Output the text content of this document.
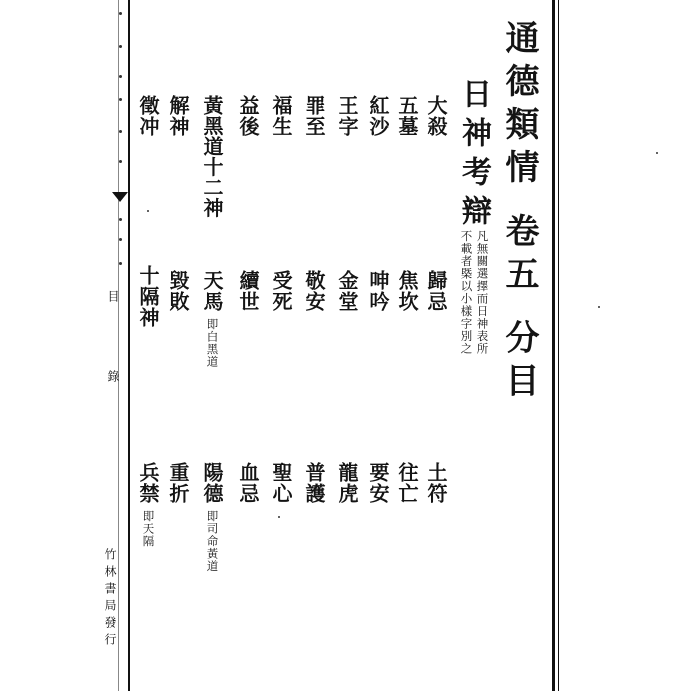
目 錄
竹林書局發行
通德類情 卷五 分目
日神考辯
凡無關選擇而日神表所
不載者槩以小樣字別之
大殺
歸忌
土符
五墓
焦坎
往亡
紅沙
呻吟
要安
王字
金堂
龍虎
罪至
敬安
普護
福生
受死
聖心
益後
續世
血忌
黃黑道十二神
天馬
即白黑道
陽德
即司命黃道
解神
毀敗
重折
徵冲
十隔神
兵禁
即天隔
